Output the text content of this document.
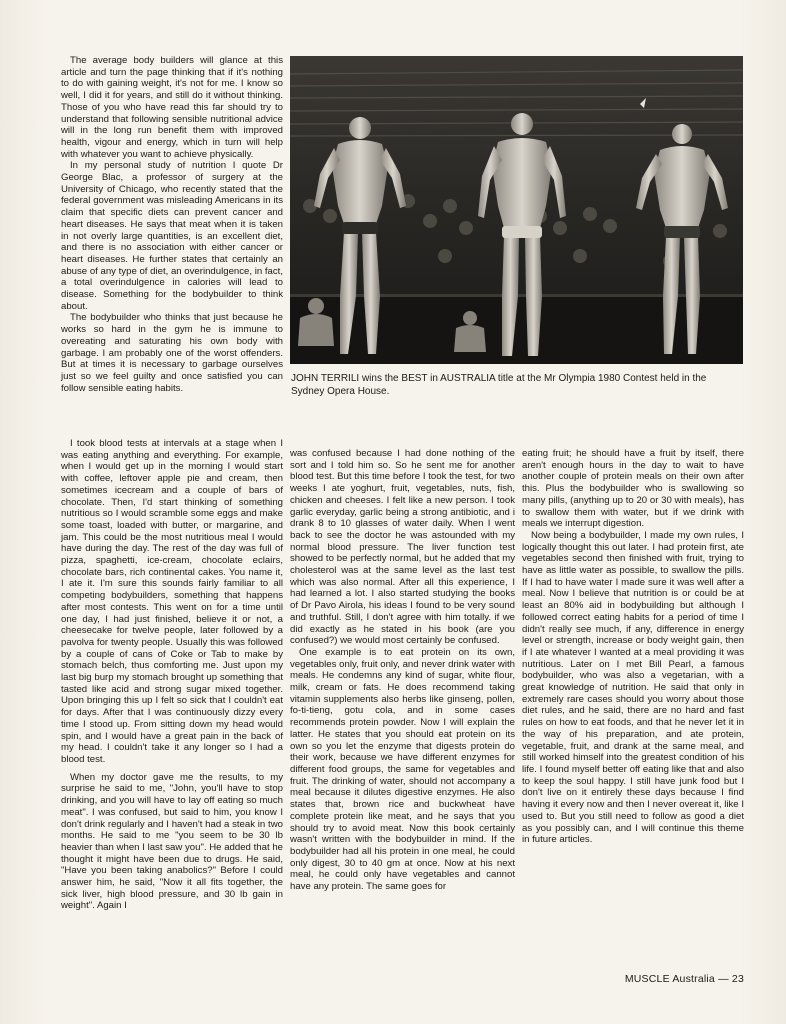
The average body builders will glance at this article and turn the page thinking that if it's nothing to do with gaining weight, it's not for me. I know so well, I did it for years, and still do it without thinking. Those of you who have read this far should try to understand that following sensible nutritional advice will in the long run benefit them with improved health, vigour and energy, which in turn will help with whatever you want to achieve physically.

In my personal study of nutrition I quote Dr George Blac, a professor of surgery at the University of Chicago, who recently stated that the federal government was misleading Americans in its claim that specific diets can prevent cancer and heart diseases. He says that meat when it is taken in not overly large quantities, is an excellent diet, and there is no association with either cancer or heart diseases. He further states that certainly an abuse of any type of diet, an overindulgence, in fact, a total overindulgence in calories will lead to disease. Something for the bodybuilder to think about.

The bodybuilder who thinks that just because he works so hard in the gym he is immune to overeating and saturating his own body with garbage. I am probably one of the worst offenders. But at times it is necessary to garbage ourselves just so we feel guilty and once satisfied you can follow sensible eating habits.

JOHN TERRILI wins the BEST in AUSTRALIA title at the Mr Olympia 1980 Contest held in the Sydney Opera House.

I took blood tests at intervals at a stage when I was eating anything and everything. For example, when I would get up in the morning I would start with coffee, leftover apple pie and cream, then sometimes icecream and a couple of bars of chocolate. Then, I'd start thinking of something nutritious so I would scramble some eggs and make some toast, loaded with butter, or margarine, and jam. This could be the most nutritious meal I would have during the day. The rest of the day was full of pizza, spaghetti, ice-cream, chocolate eclairs, chocolate bars, rich continental cakes. You name it, I ate it. I'm sure this sounds fairly familiar to all competing bodybuilders, something that happens after most contests. This went on for a time until one day, I had just finished, believe it or not, a cheesecake for twelve people, later followed by a pavolva for twenty people. Usually this was followed by a couple of cans of Coke or Tab to make by stomach belch, thus comforting me. Just upon my last big burp my stomach brought up something that tasted like acid and strong sugar mixed together. Upon bringing this up I felt so sick that I couldn't eat for days. After that I was continuously dizzy every time I stood up. From sitting down my head would spin, and I would have a great pain in the back of my head. I couldn't take it any longer so I had a blood test.

When my doctor gave me the results, to my surprise he said to me, "John, you'll have to stop drinking, and you will have to lay off eating so much meat". I was confused, but said to him, you know I don't drink regularly and I haven't had a steak in two months. He said to me "you seem to be 30 lb heavier than when I last saw you". He added that he thought it might have been due to drugs. He said, "Have you been taking anabolics?" Before I could answer him, he said, "Now it all fits together, the sick liver, high blood pressure, and 30 lb gain in weight". Again I

was confused because I had done nothing of the sort and I told him so. So he sent me for another blood test. But this time before I took the test, for two weeks I ate yoghurt, fruit, vegetables, nuts, fish, chicken and cheeses. I felt like a new person. I took garlic everyday, garlic being a strong antibiotic, and i drank 8 to 10 glasses of water daily. When I went back to see the doctor he was astounded with my normal blood pressure. The liver function test showed to be perfectly normal, but he added that my cholesterol was at the same level as the last test which was also normal. After all this experience, I had learned a lot. I also started studying the books of Dr Pavo Airola, his ideas I found to be very sound and truthful. Still, I don't agree with him totally. if we did exactly as he stated in his book (are you confused?) we would most certainly be confused.

One example is to eat protein on its own, vegetables only, fruit only, and never drink water with meals. He condemns any kind of sugar, white flour, milk, cream or fats. He does recommend taking vitamin supplements also herbs like ginseng, pollen, fo-ti-tieng, gotu cola, and in some cases recommends protein powder. Now I will explain the latter. He states that you should eat protein on its own so you let the enzyme that digests protein do their work, because we have different enzymes for different food groups, the same for vegetables and fruit. The drinking of water, should not accompany a meal because it dilutes digestive enzymes. He also states that, brown rice and buckwheat have complete protein like meat, and he says that you should try to avoid meat. Now this book certainly wasn't written with the bodybuilder in mind. If the bodybuilder had all his protein in one meal, he could only digest, 30 to 40 gm at once. Now at his next meal, he could only have vegetables and cannot have any protein. The same goes for

eating fruit; he should have a fruit by itself, there aren't enough hours in the day to wait to have another couple of protein meals on their own after this. Plus the bodybuilder who is swallowing so many pills, (anything up to 20 or 30 with meals), has to swallow them with water, but if we drink with meals we interrupt digestion.

Now being a bodybuilder, I made my own rules, I logically thought this out later. I had protein first, ate vegetables second then finished with fruit, trying to have as little water as possible, to swallow the pills. If I had to have water I made sure it was well after a meal. Now I believe that nutrition is or could be at least an 80% aid in bodybuilding but although I followed correct eating habits for a period of time I didn't really see much, if any, difference in energy level or strength, increase or body weight gain, then if I ate whatever I wanted at a meal providing it was nutritious. Later on I met Bill Pearl, a famous bodybuilder, who was also a vegetarian, with a great knowledge of nutrition. He said that only in extremely rare cases should you worry about those diet rules, and he said, there are no hard and fast rules on how to eat foods, and that he never let it in the way of his preparation, and ate protein, vegetable, fruit, and drank at the same meal, and still worked himself into the greatest condition of his life. I found myself better off eating like that and also to keep the soul happy. I still have junk food but I don't live on it entirely these days because I find having it every now and then I never overeat it, like I used to. But you still need to follow as good a diet as you possibly can, and I will continue this theme in future articles.

MUSCLE Australia — 23
